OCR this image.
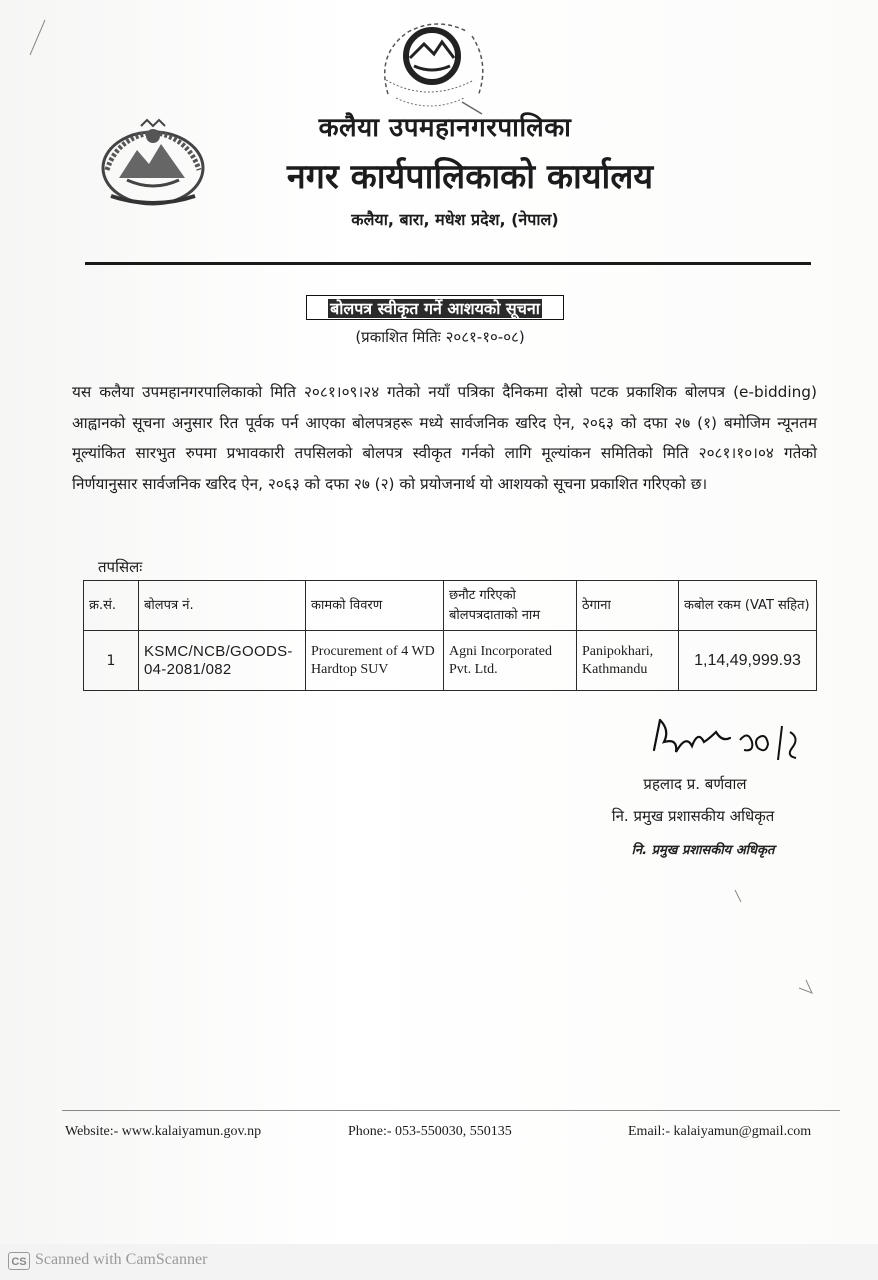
कलैया उपमहानगरपालिका
नगर कार्यपालिकाको कार्यालय
कलैया, बारा, मधेश प्रदेश, (नेपाल)
बोलपत्र स्वीकृत गर्ने आशयको सूचना
(प्रकाशित मितिः २०८१-१०-०८)
यस कलैया उपमहानगरपालिकाको मिति २०८१।०९।२४ गतेको नयाँ पत्रिका दैनिकमा दोस्रो पटक प्रकाशिक बोलपत्र (e-bidding) आह्वानको सूचना अनुसार रित पूर्वक पर्न आएका बोलपत्रहरू मध्ये सार्वजनिक खरिद ऐन, २०६३ को दफा २७ (१) बमोजिम न्यूनतम मूल्यांकित सारभुत रुपमा प्रभावकारी तपसिलको बोलपत्र स्वीकृत गर्नको लागि मूल्यांकन समितिको मिति २०८१।१०।०४ गतेको निर्णयानुसार सार्वजनिक खरिद ऐन, २०६३ को दफा २७ (२) को प्रयोजनार्थ यो आशयको सूचना प्रकाशित गरिएको छ।
तपसिलः
क्र.सं.	बोलपत्र नं.	कामको विवरण	छनौट गरिएको बोलपत्रदाताको नाम	ठेगाना	कबोल रकम (VAT सहित)
1	KSMC/NCB/GOODS-04-2081/082	Procurement of 4 WD Hardtop SUV	Agni Incorporated Pvt. Ltd.	Panipokhari, Kathmandu	1,14,49,999.93
प्रहलाद प्र. बर्णवाल
नि. प्रमुख प्रशासकीय अधिकृत
नि. प्रमुख प्रशासकीय अधिकृत
Website:- www.kalaiyamun.gov.np	Phone:- 053-550030, 550135	Email:- kalaiyamun@gmail.com
CS Scanned with CamScanner
